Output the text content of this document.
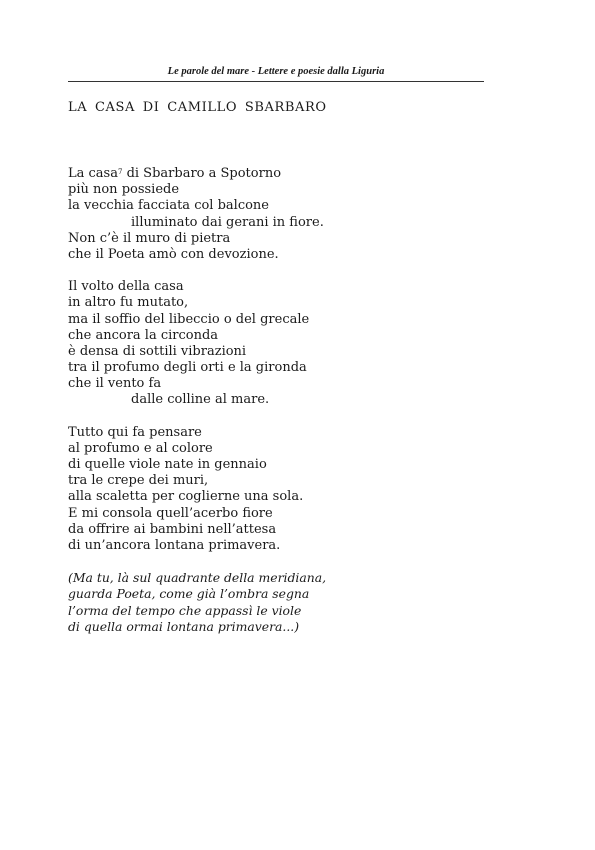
Le parole del mare - Lettere e poesie dalla Liguria
LA CASA DI CAMILLO SBARBARO
La casa$^7$ di Sbarbaro a Spotorno
più non possiede
la vecchia facciata col balcone
illuminato dai gerani in fiore.
Non c’è il muro di pietra
che il Poeta amò con devozione.
Il volto della casa
in altro fu mutato,
ma il soffio del libeccio o del grecale
che ancora la circonda
è densa di sottili vibrazioni
tra il profumo degli orti e la gironda
che il vento fa
dalle colline al mare.
Tutto qui fa pensare
al profumo e al colore
di quelle viole nate in gennaio
tra le crepe dei muri,
alla scaletta per coglierne una sola.
E mi consola quell’acerbo fiore
da offrire ai bambini nell’attesa
di un’ancora lontana primavera.
(Ma tu, là sul quadrante della meridiana,
guarda Poeta, come già l’ombra segna
l’orma del tempo che appassì le viole
di quella ormai lontana primavera...)
